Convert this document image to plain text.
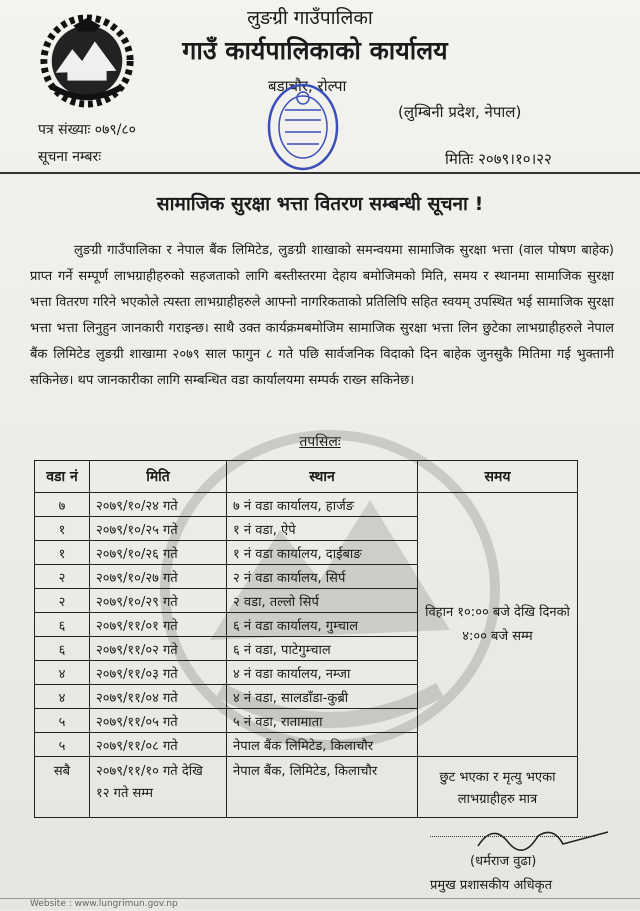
लुङग्री गाउँपालिका
गाउँ कार्यपालिकाको कार्यालय
बडाचौर, रोल्पा
(लुम्बिनी प्रदेश, नेपाल)
पत्र संख्याः ०७९/८०
सूचना नम्बरः	मितिः २०७९।१०।२२
सामाजिक सुरक्षा भत्ता वितरण सम्बन्धी सूचना !
लुङग्री गाउँपालिका र नेपाल बैंक लिमिटेड, लुङग्री शाखाको समन्वयमा सामाजिक सुरक्षा भत्ता (वाल पोषण बाहेक) प्राप्त गर्ने सम्पूर्ण लाभग्राहीहरुको सहजताको लागि बस्तीस्तरमा देहाय बमोजिमको मिति, समय र स्थानमा सामाजिक सुरक्षा भत्ता वितरण गरिने भएकोले त्यस्ता लाभग्राहीहरुले आफ्नो नागरिकताको प्रतिलिपि सहित स्वयम् उपस्थित भई सामाजिक सुरक्षा भत्ता भत्ता लिनुहुन जानकारी गराइन्छ। साथै उक्त कार्यक्रमबमोजिम सामाजिक सुरक्षा भत्ता लिन छुटेका लाभग्राहीहरुले नेपाल बैंक लिमिटेड लुङग्री शाखामा २०७९ साल फागुन ८ गते पछि सार्वजनिक विदाको दिन बाहेक जुनसुकै मितिमा गई भुक्तानी सकिनेछ। थप जानकारीका लागि सम्बन्धित वडा कार्यालयमा सम्पर्क राख्न सकिनेछ।
तपसिलः
वडा नं	मिति	स्थान	समय
७	२०७९/१०/२४ गते	७ नं वडा कार्यालय, हार्जङ	विहान १०:०० बजे देखि दिनको ४:०० बजे सम्म
१	२०७९/१०/२५ गते	१ नं वडा, ऐपे	
१	२०७९/१०/२६ गते	१ नं वडा कार्यालय, दाईबाङ	
२	२०७९/१०/२७ गते	२ नं वडा कार्यालय, सिर्प	
२	२०७९/१०/२९ गते	२ वडा, तल्लो सिर्प	
६	२०७९/११/०१ गते	६ नं वडा कार्यालय, गुम्चाल	
६	२०७९/११/०२ गते	६ नं वडा, पाटेगुम्चाल	
४	२०७९/११/०३ गते	४ नं वडा कार्यालय, नम्जा	
४	२०७९/११/०४ गते	४ नं वडा, सालडाँडा-कुब्री	
५	२०७९/११/०५ गते	५ नं वडा, रातामाता	
५	२०७९/११/०८ गते	नेपाल बैंक लिमिटेड, किलाचौर	
सबै	२०७९/११/१० गते देखि १२ गते सम्म	नेपाल बैंक, लिमिटेड, किलाचौर	छुट भएका र मृत्यु भएका लाभग्राहीहरु मात्र
(धर्मराज वुढा)
प्रमुख प्रशासकीय अधिकृत
Website : www.lungrimun.gov.np
